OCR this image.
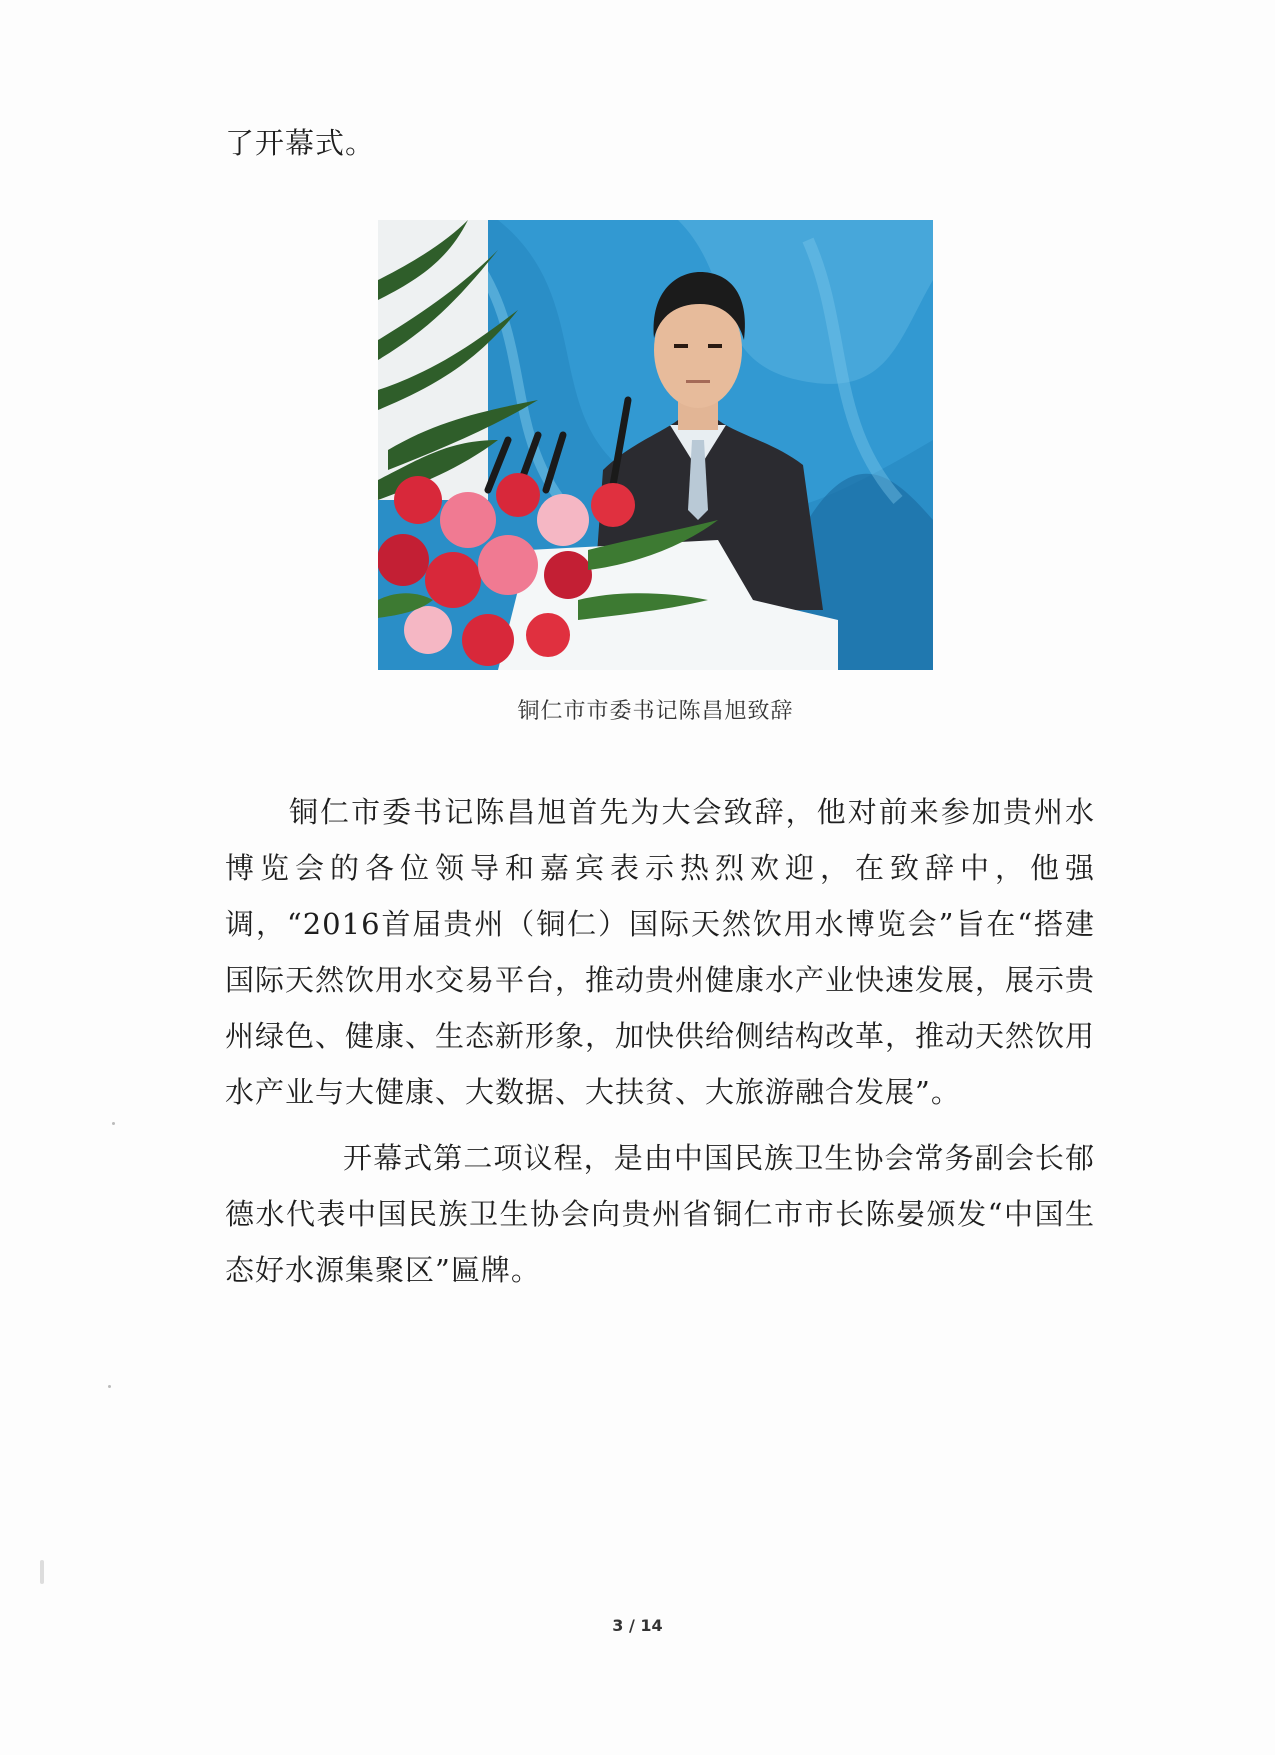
了开幕式。

铜仁市市委书记陈昌旭致辞

铜仁市委书记陈昌旭首先为大会致辞，他对前来参加贵州水博览会的各位领导和嘉宾表示热烈欢迎，在致辞中，他强调，“2016首届贵州（铜仁）国际天然饮用水博览会”旨在“搭建国际天然饮用水交易平台，推动贵州健康水产业快速发展，展示贵州绿色、健康、生态新形象，加快供给侧结构改革，推动天然饮用水产业与大健康、大数据、大扶贫、大旅游融合发展”。

开幕式第二项议程，是由中国民族卫生协会常务副会长郁德水代表中国民族卫生协会向贵州省铜仁市市长陈晏颁发“中国生态好水源集聚区”匾牌。

3 / 14
